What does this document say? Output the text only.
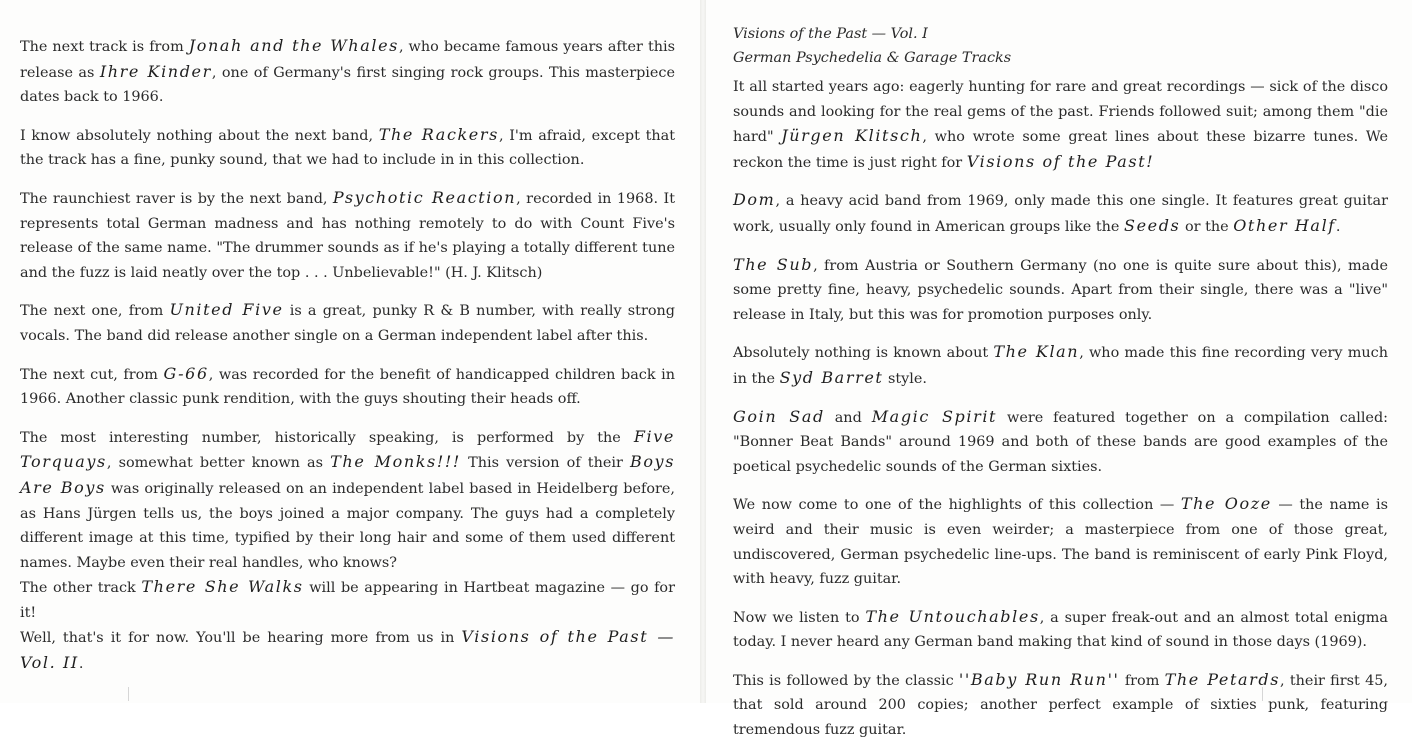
The next track is from Jonah and the Whales, who became famous years after this release as Ihre Kinder, one of Germany's first singing rock groups. This masterpiece dates back to 1966.

I know absolutely nothing about the next band, The Rackers, I'm afraid, except that the track has a fine, punky sound, that we had to include in in this collection.

The raunchiest raver is by the next band, Psychotic Reaction, recorded in 1968. It represents total German madness and has nothing remotely to do with Count Five's release of the same name. "The drummer sounds as if he's playing a totally different tune and the fuzz is laid neatly over the top . . . Unbelievable!" (H. J. Klitsch)

The next one, from United Five is a great, punky R & B number, with really strong vocals. The band did release another single on a German independent label after this.

The next cut, from G-66, was recorded for the benefit of handicapped children back in 1966. Another classic punk rendition, with the guys shouting their heads off.

The most interesting number, historically speaking, is performed by the Five Torquays, somewhat better known as The Monks!!! This version of their Boys Are Boys was originally released on an independent label based in Heidelberg before, as Hans Jürgen tells us, the boys joined a major company. The guys had a completely different image at this time, typified by their long hair and some of them used different names. Maybe even their real handles, who knows?

The other track There She Walks will be appearing in Hartbeat magazine — go for it!

Well, that's it for now. You'll be hearing more from us in Visions of the Past — Vol. II.

Visions of the Past — Vol. I
German Psychedelia & Garage Tracks

It all started years ago: eagerly hunting for rare and great recordings — sick of the disco sounds and looking for the real gems of the past. Friends followed suit; among them "die hard" Jürgen Klitsch, who wrote some great lines about these bizarre tunes. We reckon the time is just right for Visions of the Past!

Dom, a heavy acid band from 1969, only made this one single. It features great guitar work, usually only found in American groups like the Seeds or the Other Half.

The Sub, from Austria or Southern Germany (no one is quite sure about this), made some pretty fine, heavy, psychedelic sounds. Apart from their single, there was a "live" release in Italy, but this was for promotion purposes only.

Absolutely nothing is known about The Klan, who made this fine recording very much in the Syd Barret style.

Goin Sad and Magic Spirit were featured together on a compilation called: "Bonner Beat Bands" around 1969 and both of these bands are good examples of the poetical psychedelic sounds of the German sixties.

We now come to one of the highlights of this collection — The Ooze — the name is weird and their music is even weirder; a masterpiece from one of those great, undiscovered, German psychedelic line-ups. The band is reminiscent of early Pink Floyd, with heavy, fuzz guitar.

Now we listen to The Untouchables, a super freak-out and an almost total enigma today. I never heard any German band making that kind of sound in those days (1969).

This is followed by the classic ''Baby Run Run'' from The Petards, their first 45, that sold around 200 copies; another perfect example of sixties punk, featuring tremendous fuzz guitar.
